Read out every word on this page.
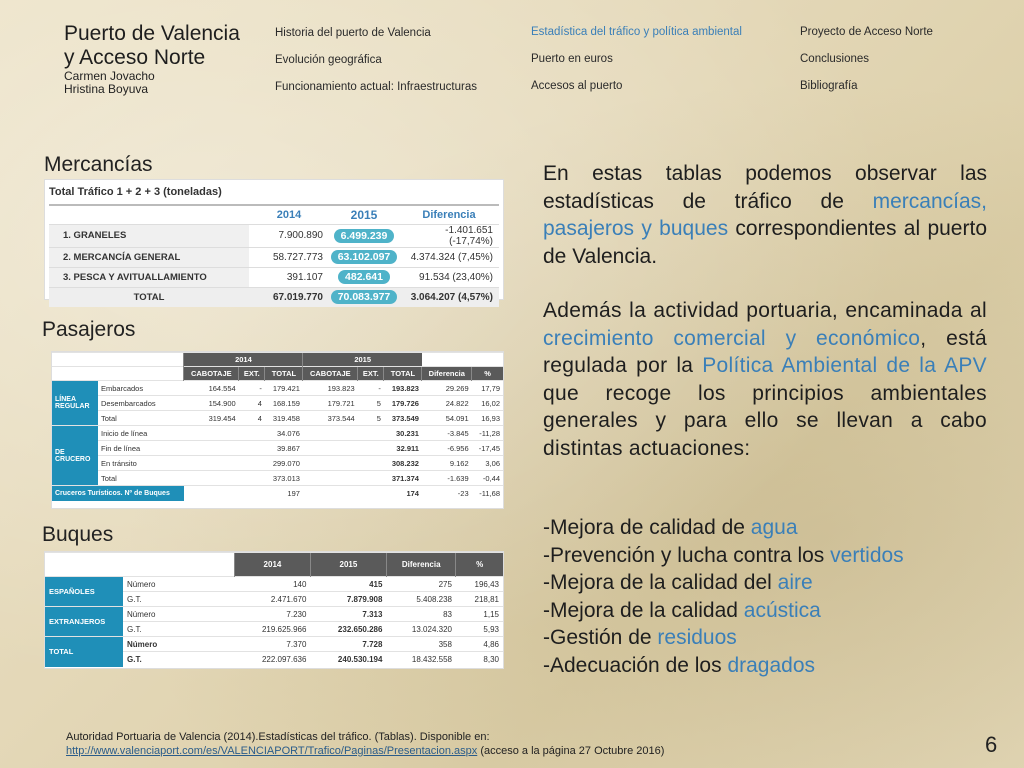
Puerto de Valencia
y Acceso Norte
Carmen Jovacho
Hristina Boyuva
Historia del puerto de Valencia
Evolución geográfica
Funcionamiento actual: Infraestructuras
Estadística del tráfico y política ambiental
Puerto en euros
Accesos al puerto
Proyecto de Acceso Norte
Conclusiones
Bibliografía
Mercancías
Pasajeros
Buques
Total Tráfico 1 + 2 + 3 (toneladas)
	2014	2015	Diferencia
1. GRANELES	7.900.890	6.499.239	-1.401.651 (-17,74%)
2. MERCANCÍA GENERAL	58.727.773	63.102.097	4.374.324 (7,45%)
3. PESCA Y AVITUALLAMIENTO	391.107	482.641	91.534 (23,40%)
TOTAL	67.019.770	70.083.977	3.064.207 (4,57%)
		2014			2015				
		CABOTAJE	EXT.	TOTAL	CABOTAJE	EXT.	TOTAL	Diferencia	%
LÍNEA REGULAR	Embarcados	164.554	-	179.421	193.823	-	193.823	29.269	17,79
	Desembarcados	154.900	4	168.159	179.721	5	179.726	24.822	16,02
	Total	319.454	4	319.458	373.544	5	373.549	54.091	16,93
DE CRUCERO	Inicio de línea	34.076			30.231			-3.845	-11,28
	Fin de línea	39.867			32.911			-6.956	-17,45
	En tránsito	299.070			308.232			9.162	3,06
	Total	373.013			371.374			-1.639	-0,44
Cruceros Turísticos. Nº de Buques		197			174			-23	-11,68
		2014	2015	Diferencia	%
ESPAÑOLES	Número	140	415	275	196,43
	G.T.	2.471.670	7.879.908	5.408.238	218,81
EXTRANJEROS	Número	7.230	7.313	83	1,15
	G.T.	219.625.966	232.650.286	13.024.320	5,93
TOTAL	Número	7.370	7.728	358	4,86
	G.T.	222.097.636	240.530.194	18.432.558	8,30
En estas tablas podemos observar las estadísticas de tráfico de mercancías, pasajeros y buques correspondientes al puerto de Valencia.
Además la actividad portuaria, encaminada al crecimiento comercial y económico, está regulada por la Política Ambiental de la APV que recoge los principios ambientales generales y para ello se llevan a cabo distintas actuaciones:
-Mejora de calidad de agua
-Prevención y lucha contra los vertidos
-Mejora de la calidad del aire
-Mejora de la calidad acústica
-Gestión de residuos
-Adecuación de los dragados
Autoridad Portuaria de Valencia (2014).Estadísticas del tráfico. (Tablas). Disponible en:
http://www.valenciaport.com/es/VALENCIAPORT/Trafico/Paginas/Presentacion.aspx (acceso a la página 27 Octubre 2016)	6
